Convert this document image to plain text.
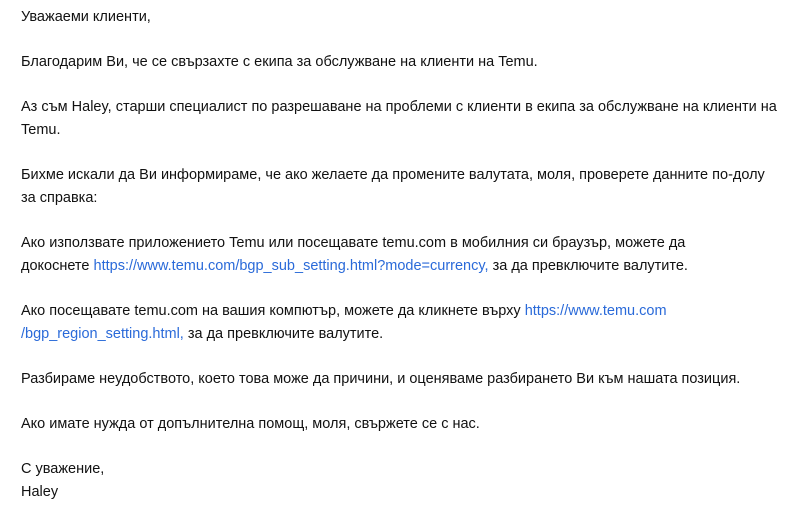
Уважаеми клиенти,

Благодарим Ви, че се свързахте с екипа за обслужване на клиенти на Temu.

Аз съм Haley, старши специалист по разрешаване на проблеми с клиенти в екипа за обслужване на клиенти на Temu.

Бихме искали да Ви информираме, че ако желаете да промените валутата, моля, проверете данните по-долу за справка:

Ако използвате приложението Temu или посещавате temu.com в мобилния си браузър, можете да
докоснете https://www.temu.com/bgp_sub_setting.html?mode=currency, за да превключите валутите.

Ако посещавате temu.com на вашия компютър, можете да кликнете върху https://www.temu.com
/bgp_region_setting.html, за да превключите валутите.

Разбираме неудобството, което това може да причини, и оценяваме разбирането Ви към нашата позиция.

Ако имате нужда от допълнителна помощ, моля, свържете се с нас.

С уважение,
Haley
